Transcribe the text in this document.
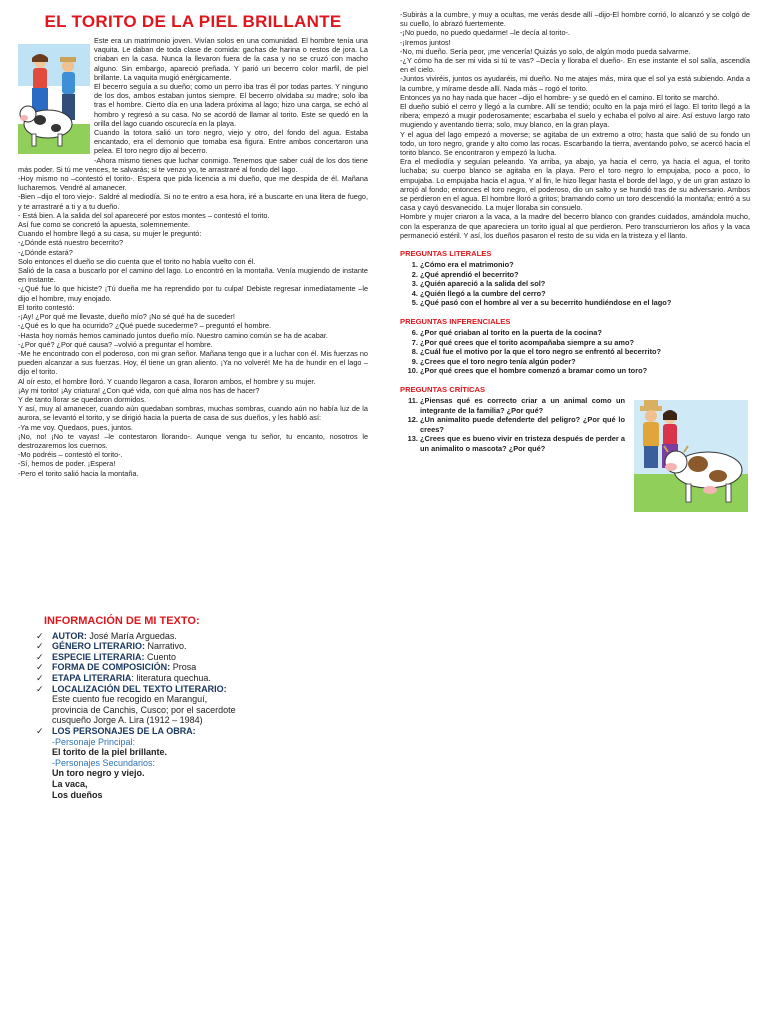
EL TORITO DE LA PIEL BRILLANTE

Este era un matrimonio joven. Vivían solos en una comunidad. El hombre tenía una vaquita. Le daban de toda clase de comida: gachas de harina o restos de jora. La criaban en la casa. Nunca la llevaron fuera de la casa y no se cruzó con macho alguno. Sin embargo, apareció preñada. Y parió un becerro color marfil, de piel brillante. La vaquita mugió enérgicamente.

El becerro seguía a su dueño; como un perro iba tras él por todas partes. Y ninguno de los dos, ambos estaban juntos siempre. El becerro olvidaba su madre; solo iba tras el hombre. Cierto día en una ladera próxima al lago; hizo una carga, se echó al hombro y regresó a su casa. No se acordó de llamar al torito. Este se quedó en la orilla del lago cuando oscurecía en la playa.

Cuando la totora salió un toro negro, viejo y otro, del fondo del agua. Estaba encantado, era el demonio que tomaba esa figura. Entre ambos concertaron una pelea. El toro negro dijo al becerro.

-Ahora mismo tienes que luchar conmigo. Tenemos que saber cuál de los dos tiene más poder. Si tú me vences, te salvarás; si te venzo yo, te arrastraré al fondo del lago.

-Hoy mismo no –contestó el torito-. Espera que pida licencia a mi dueño, que me despida de él. Mañana lucharemos. Vendré al amanecer.

-Bien –dijo el toro viejo-. Saldré al mediodía. Si no te entro a esa hora, iré a buscarte en una litera de fuego, y te arrastraré a ti y a tu dueño.

- Está bien. A la salida del sol apareceré por estos montes – contestó el torito.

Así fue como se concretó la apuesta, solemnemente.

Cuando el hombre llegó a su casa, su mujer le preguntó:

-¿Dónde está nuestro becerrito?

-¿Dónde estará?

Solo entonces el dueño se dio cuenta que el torito no había vuelto con él.

Salió de la casa a buscarlo por el camino del lago. Lo encontró en la montaña. Venía mugiendo de instante en instante.

-¿Qué fue lo que hiciste? ¡Tú dueña me ha reprendido por tu culpa! Debiste regresar inmediatamente –le dijo el hombre, muy enojado.

El torito contestó:

-¡Ay! ¿Por qué me llevaste, dueño mío? ¡No sé qué ha de suceder!

-¿Qué es lo que ha ocurrido? ¿Qué puede sucederme? – preguntó el hombre.

-Hasta hoy nomás hemos caminado juntos dueño mío. Nuestro camino común se ha de acabar.

-¿Por qué? ¿Por qué causa? –volvió a preguntar el hombre.

-Me he encontrado con el poderoso, con mi gran señor. Mañana tengo que ir a luchar con él. Mis fuerzas no pueden alcanzar a sus fuerzas. Hoy, él tiene un gran aliento. ¡Ya no volveré! Me ha de hundir en el lago –dijo el torito.

Al oír esto, el hombre lloró. Y cuando llegaron a casa, lloraron ambos, el hombre y su mujer.

¡Ay mi torito! ¡Ay criatura! ¿Con qué vida, con qué alma nos has de hacer?

Y de tanto llorar se quedaron dormidos.

Y así, muy al amanecer, cuando aún quedaban sombras, muchas sombras, cuando aún no había luz de la aurora, se levantó el torito, y se dirigió hacia la puerta de casa de sus dueños, y les habló así:

-Ya me voy. Quedaos, pues, juntos.

¡No, no! ¡No te vayas! –le contestaron llorando-. Aunque venga tu señor, tu encanto, nosotros le destrozaremos los cuernos.

-Mo podréis – contestó el torito-.

-Sí, hemos de poder. ¡Espera!

-Pero el torito salió hacia la montaña.

-Subirás a la cumbre, y muy a ocultas, me verás desde allí –dijo-El hombre corrió, lo alcanzó y se colgó de su cuello, lo abrazó fuertemente.

-¡No puedo, no puedo quedarme! –le decía al torito-.

-¡Iremos juntos!

-No, mi dueño. Sería peor, ¡me vencería! Quizás yo solo, de algún modo pueda salvarme.

-¿Y cómo ha de ser mi vida si tú te vas? –Decía y lloraba el dueño-. En ese instante el sol salía, ascendía en el cielo.

-Juntos viviréis, juntos os ayudaréis, mi dueño. No me atajes más, mira que el sol ya está subiendo. Anda a la cumbre, y mírame desde allí. Nada más – rogó el torito.

Entonces ya no hay nada que hacer –dijo el hombre- y se quedó en el camino. El torito se marchó.

El dueño subió el cerro y llegó a la cumbre. Allí se tendió; oculto en la paja miró el lago. El torito llegó a la ribera; empezó a mugir poderosamente; escarbaba el suelo y echaba el polvo al aire. Así estuvo largo rato mugiendo y aventando tierra; solo, muy blanco, en la gran playa.

Y el agua del lago empezó a moverse; se agitaba de un extremo a otro; hasta que salió de su fondo un todo, un toro negro, grande y alto como las rocas. Escarbando la tierra, aventando polvo, se acercó hacia el torito blanco. Se encontraron y empezó la lucha.

Era el mediodía y seguían peleando. Ya arriba, ya abajo, ya hacia el cerro, ya hacia el agua, el torito luchaba; su cuerpo blanco se agitaba en la playa. Pero el toro negro lo empujaba, poco a poco, lo empujaba. Lo empujaba hacia el agua. Y al fin, le hizo llegar hasta el borde del lago, y de un gran astazo lo arrojó al fondo; entonces el toro negro, el poderoso, dio un salto y se hundió tras de su adversario. Ambos se perdieron en el agua. El hombre lloró a gritos; bramando como un toro descendió la montaña; entró a su casa y cayó desvanecido. La mujer lloraba sin consuelo.

Hombre y mujer criaron a la vaca, a la madre del becerro blanco con grandes cuidados, amándola mucho, con la esperanza de que apareciera un torito igual al que perdieron. Pero transcurrieron los años y la vaca permaneció estéril. Y así, los dueños pasaron el resto de su vida en la tristeza y el llanto.

PREGUNTAS LITERALES
1. ¿Cómo era el matrimonio?
2. ¿Qué aprendió el becerrito?
3. ¿Quién apareció a la salida del sol?
4. ¿Quién llegó a la cumbre del cerro?
5. ¿Qué pasó con el hombre al ver a su becerrito hundiéndose en el lago?
PREGUNTAS INFERENCIALES
6. ¿Por qué criaban al torito en la puerta de la cocina?
7. ¿Por qué crees que el torito acompañaba siempre a su amo?
8. ¿Cuál fue el motivo por la que el toro negro se enfrentó al becerrito?
9. ¿Crees que el toro negro tenía algún poder?
10. ¿Por qué crees que el hombre comenzó a bramar como un toro?
PREGUNTAS CRÍTICAS
11. ¿Piensas qué es correcto criar a un animal como un integrante de la familia? ¿Por qué?
12. ¿Un animalito puede defenderte del peligro? ¿Por qué lo crees?
13. ¿Crees que es bueno vivir en tristeza después de perder a un animalito o mascota? ¿Por qué?
INFORMACIÓN DE MI TEXTO:
✓ AUTOR: José María Arguedas.
✓ GÉNERO LITERARIO: Narrativo.
✓ ESPECIE LITERARIA: Cuento
✓ FORMA DE COMPOSICIÓN: Prosa
✓ ETAPA LITERARIA: literatura quechua.
✓ LOCALIZACIÓN DEL TEXTO LITERARIO:
Este cuento fue recogido en Maranguí,
provincia de Canchis, Cusco; por el sacerdote
cusqueño Jorge A. Lira (1912 – 1984)
✓ LOS PERSONAJES DE LA OBRA:
-Personaje Principal:
El torito de la piel brillante.
-Personajes Secundarios:
Un toro negro y viejo.
La vaca,
Los dueños
